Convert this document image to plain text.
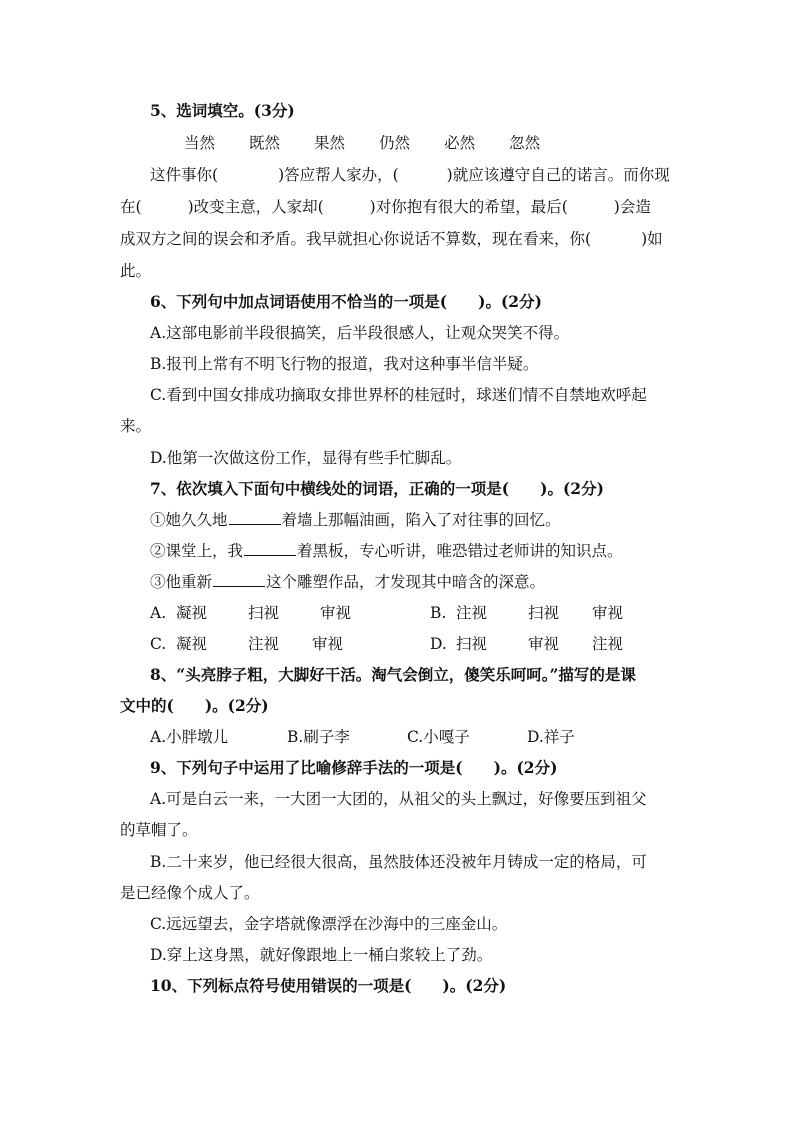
5、选词填空。(3分)
当然 既然 果然 仍然 必然 忽然
这件事你(	)答应帮人家办，(	)就应该遵守自己的诺言。而你现
在(	)改变主意，人家却(	)对你抱有很大的希望，最后(	)会造
成双方之间的误会和矛盾。我早就担心你说话不算数，现在看来，你(	)如
此。
6、下列句中加点词语使用不恰当的一项是(　　)。(2分)
A.这部电影前半段很搞笑，后半段很感人，让观众哭笑不得。
B.报刊上常有不明飞行物的报道，我对这种事半信半疑。
C.看到中国女排成功摘取女排世界杯的桂冠时，球迷们情不自禁地欢呼起
来。
D.他第一次做这份工作，显得有些手忙脚乱。
7、依次填入下面句中横线处的词语，正确的一项是(　　)。(2分)
①她久久地	着墙上那幅油画，陷入了对往事的回忆。
②课堂上，我	着黑板，专心听讲，唯恐错过老师讲的知识点。
③他重新	这个雕塑作品，才发现其中暗含的深意。
A. 凝视	扫视	审视	B. 注视	扫视 审视
C. 凝视	注视 审视	D. 扫视	审视 注视
8、“头亮脖子粗，大脚好干活。淘气会倒立，傻笑乐呵呵。”描写的是课
文中的(　　)。(2分)
A.小胖墩儿	B.刷子李	C.小嘎子	D.祥子
9、下列句子中运用了比喻修辞手法的一项是(　　)。(2分)
A.可是白云一来，一大团一大团的，从祖父的头上飘过，好像要压到祖父
的草帽了。
B.二十来岁，他已经很大很高，虽然肢体还没被年月铸成一定的格局，可
是已经像个成人了。
C.远远望去，金字塔就像漂浮在沙海中的三座金山。
D.穿上这身黑，就好像跟地上一桶白浆较上了劲。
10、下列标点符号使用错误的一项是(　　)。(2分)
